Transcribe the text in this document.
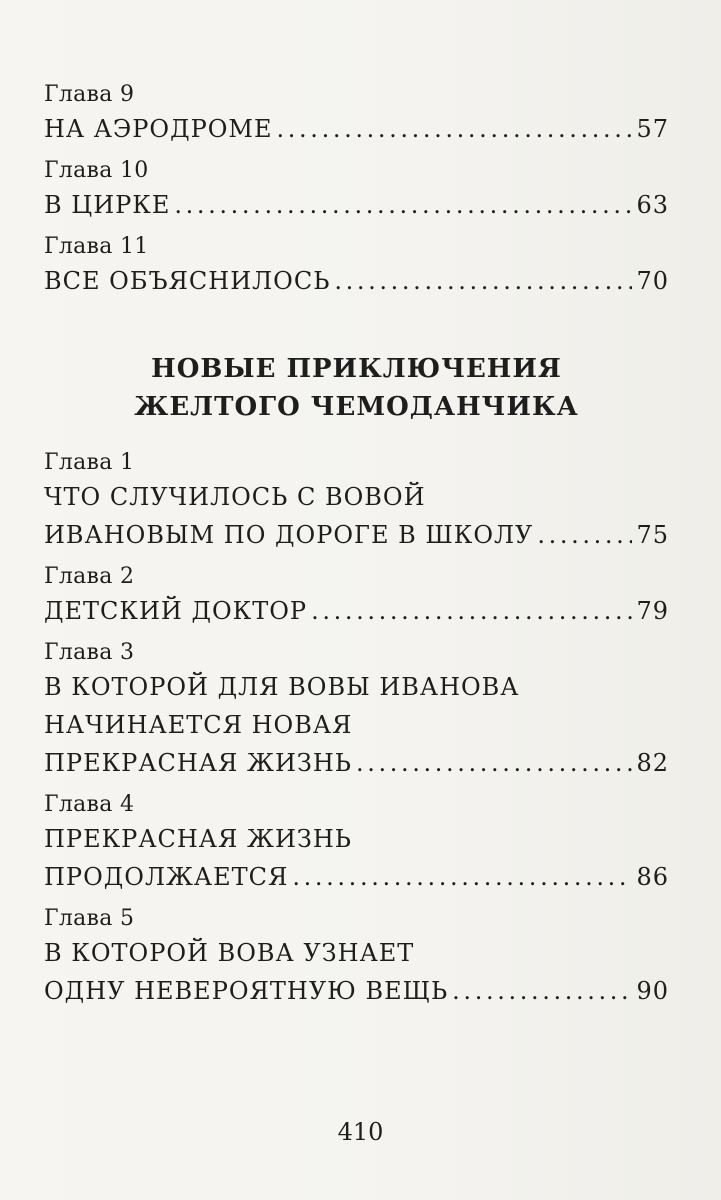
Глава 9
НА АЭРОДРОМЕ . . .	57
Глава 10
В ЦИРКЕ . . .	63
Глава 11
ВСЕ ОБЪЯСНИЛОСЬ . . .	70
НОВЫЕ ПРИКЛЮЧЕНИЯ
ЖЕЛТОГО ЧЕМОДАНЧИКА
Глава 1
ЧТО СЛУЧИЛОСЬ С ВОВОЙ
ИВАНОВЫМ ПО ДОРОГЕ В ШКОЛУ . . .	75
Глава 2
ДЕТСКИЙ ДОКТОР . . .	79
Глава 3
В КОТОРОЙ ДЛЯ ВОВЫ ИВАНОВА
НАЧИНАЕТСЯ НОВАЯ
ПРЕКРАСНАЯ ЖИЗНЬ . . .	82
Глава 4
ПРЕКРАСНАЯ ЖИЗНЬ
ПРОДОЛЖАЕТСЯ . . .	86
Глава 5
В КОТОРОЙ ВОВА УЗНАЕТ
ОДНУ НЕВЕРОЯТНУЮ ВЕЩЬ . . .	90
410
